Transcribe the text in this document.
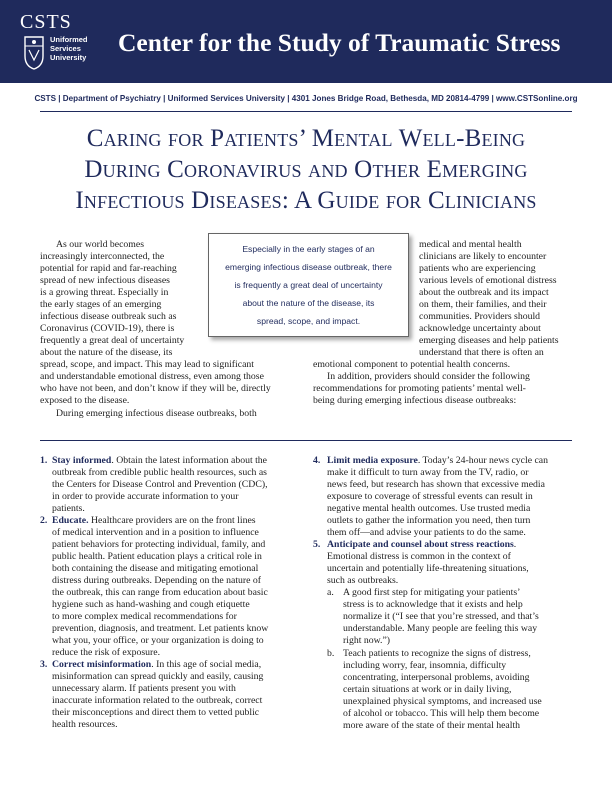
CSTS
Uniformed
Services
University
Center for the Study of Traumatic Stress
CSTS | Department of Psychiatry | Uniformed Services University | 4301 Jones Bridge Road, Bethesda, MD 20814-4799 | www.CSTSonline.org
Caring for Patients’ Mental Well-Being
During Coronavirus and Other Emerging
Infectious Diseases: A Guide for Clinicians
Especially in the early stages of an
emerging infectious disease outbreak, there
is frequently a great deal of uncertainty
about the nature of the disease, its
spread, scope, and impact.
As our world becomes
increasingly interconnected, the
potential for rapid and far-reaching
spread of new infectious diseases
is a growing threat. Especially in
the early stages of an emerging
infectious disease outbreak such as
Coronavirus (COVID-19), there is
frequently a great deal of uncertainty
about the nature of the disease, its
spread, scope, and impact. This may lead to significant
and understandable emotional distress, even among those
who have not been, and don’t know if they will be, directly
exposed to the disease.
During emerging infectious disease outbreaks, both
medical and mental health
clinicians are likely to encounter
patients who are experiencing
various levels of emotional distress
about the outbreak and its impact
on them, their families, and their
communities. Providers should
acknowledge uncertainty about
emerging diseases and help patients
understand that there is often an
emotional component to potential health concerns.
In addition, providers should consider the following
recommendations for promoting patients’ mental well-
being during emerging infectious disease outbreaks:
1. Stay informed. Obtain the latest information about the
outbreak from credible public health resources, such as
the Centers for Disease Control and Prevention (CDC),
in order to provide accurate information to your
patients.
2. Educate. Healthcare providers are on the front lines
of medical intervention and in a position to influence
patient behaviors for protecting individual, family, and
public health. Patient education plays a critical role in
both containing the disease and mitigating emotional
distress during outbreaks. Depending on the nature of
the outbreak, this can range from education about basic
hygiene such as hand-washing and cough etiquette
to more complex medical recommendations for
prevention, diagnosis, and treatment. Let patients know
what you, your office, or your organization is doing to
reduce the risk of exposure.
3. Correct misinformation. In this age of social media,
misinformation can spread quickly and easily, causing
unnecessary alarm. If patients present you with
inaccurate information related to the outbreak, correct
their misconceptions and direct them to vetted public
health resources.
4. Limit media exposure. Today’s 24-hour news cycle can
make it difficult to turn away from the TV, radio, or
news feed, but research has shown that excessive media
exposure to coverage of stressful events can result in
negative mental health outcomes. Use trusted media
outlets to gather the information you need, then turn
them off—and advise your patients to do the same.
5. Anticipate and counsel about stress reactions.
Emotional distress is common in the context of
uncertain and potentially life-threatening situations,
such as outbreaks.
a. A good first step for mitigating your patients’
stress is to acknowledge that it exists and help
normalize it (“I see that you’re stressed, and that’s
understandable. Many people are feeling this way
right now.”)
b. Teach patients to recognize the signs of distress,
including worry, fear, insomnia, difficulty
concentrating, interpersonal problems, avoiding
certain situations at work or in daily living,
unexplained physical symptoms, and increased use
of alcohol or tobacco. This will help them become
more aware of the state of their mental health
